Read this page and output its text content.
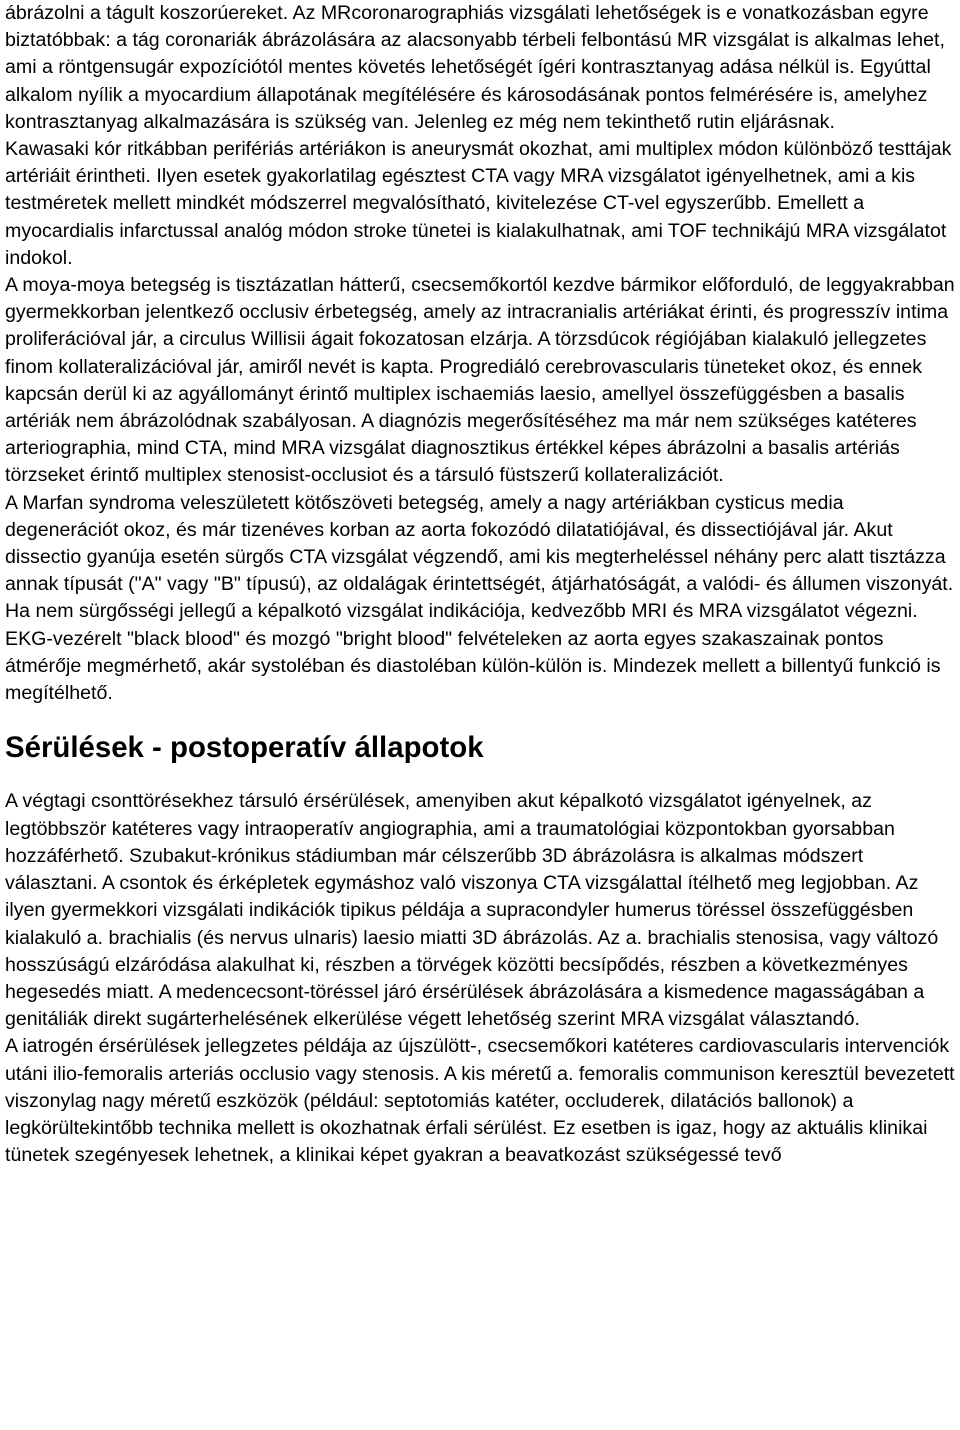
ábrázolni a tágult koszorúereket. Az MRcoronarographiás vizsgálati lehetőségek is e vonatkozásban egyre biztatóbbak: a tág coronariák ábrázolására az alacsonyabb térbeli felbontású MR vizsgálat is alkalmas lehet, ami a röntgensugár expozíciótól mentes követés lehetőségét ígéri kontrasztanyag adása nélkül is. Egyúttal alkalom nyílik a myocardium állapotának megítélésére és károsodásának pontos felmérésére is, amelyhez kontrasztanyag alkalmazására is szükség van. Jelenleg ez még nem tekinthető rutin eljárásnak.

Kawasaki kór ritkábban perifériás artériákon is aneurysmát okozhat, ami multiplex módon különböző testtájak artériáit érintheti. Ilyen esetek gyakorlatilag egésztest CTA vagy MRA vizsgálatot igényelhetnek, ami a kis testméretek mellett mindkét módszerrel megvalósítható, kivitelezése CT-vel egyszerűbb. Emellett a myocardialis infarctussal analóg módon stroke tünetei is kialakulhatnak, ami TOF technikájú MRA vizsgálatot indokol.

A moya-moya betegség is tisztázatlan hátterű, csecsemőkortól kezdve bármikor előforduló, de leggyakrabban gyermekkorban jelentkező occlusiv érbetegség, amely az intracranialis artériákat érinti, és progresszív intima proliferációval jár, a circulus Willisii ágait fokozatosan elzárja. A törzsdúcok régiójában kialakuló jellegzetes finom kollateralizációval jár, amiről nevét is kapta. Progrediáló cerebrovascularis tüneteket okoz, és ennek kapcsán derül ki az agyállományt érintő multiplex ischaemiás laesio, amellyel összefüggésben a basalis artériák nem ábrázolódnak szabályosan. A diagnózis megerősítéséhez ma már nem szükséges katéteres arteriographia, mind CTA, mind MRA vizsgálat diagnosztikus értékkel képes ábrázolni a basalis artériás törzseket érintő multiplex stenosist-occlusiot és a társuló füstszerű kollateralizációt.

A Marfan syndroma veleszületett kötőszöveti betegség, amely a nagy artériákban cysticus media degenerációt okoz, és már tizenéves korban az aorta fokozódó dilatatiójával, és dissectiójával jár. Akut dissectio gyanúja esetén sürgős CTA vizsgálat végzendő, ami kis megterheléssel néhány perc alatt tisztázza annak típusát ("A" vagy "B" típusú), az oldalágak érintettségét, átjárhatóságát, a valódi- és állumen viszonyát. Ha nem sürgősségi jellegű a képalkotó vizsgálat indikációja, kedvezőbb MRI és MRA vizsgálatot végezni. EKG-vezérelt "black blood" és mozgó "bright blood" felvételeken az aorta egyes szakaszainak pontos átmérője megmérhető, akár systoléban és diastoléban külön-külön is. Mindezek mellett a billentyű funkció is megítélhető.

Sérülések - postoperatív állapotok

A végtagi csonttörésekhez társuló érsérülések, amenyiben akut képalkotó vizsgálatot igényelnek, az legtöbbször katéteres vagy intraoperatív angiographia, ami a traumatológiai központokban gyorsabban hozzáférhető. Szubakut-krónikus stádiumban már célszerűbb 3D ábrázolásra is alkalmas módszert választani. A csontok és érképletek egymáshoz való viszonya CTA vizsgálattal ítélhető meg legjobban. Az ilyen gyermekkori vizsgálati indikációk tipikus példája a supracondyler humerus töréssel összefüggésben kialakuló a. brachialis (és nervus ulnaris) laesio miatti 3D ábrázolás. Az a. brachialis stenosisa, vagy változó hosszúságú elzáródása alakulhat ki, részben a törvégek közötti becsípődés, részben a következményes hegesedés miatt. A medencecsont-töréssel járó érsérülések ábrázolására a kismedence magasságában a genitáliák direkt sugárterhelésének elkerülése végett lehetőség szerint MRA vizsgálat választandó.

A iatrogén érsérülések jellegzetes példája az újszülött-, csecsemőkori katéteres cardiovascularis intervenciók utáni ilio-femoralis arteriás occlusio vagy stenosis. A kis méretű a. femoralis communison keresztül bevezetett viszonylag nagy méretű eszközök (például: septotomiás katéter, occluderek, dilatációs ballonok) a legkörültekintőbb technika mellett is okozhatnak érfali sérülést. Ez esetben is igaz, hogy az aktuális klinikai tünetek szegényesek lehetnek, a klinikai képet gyakran a beavatkozást szükségessé tevő
